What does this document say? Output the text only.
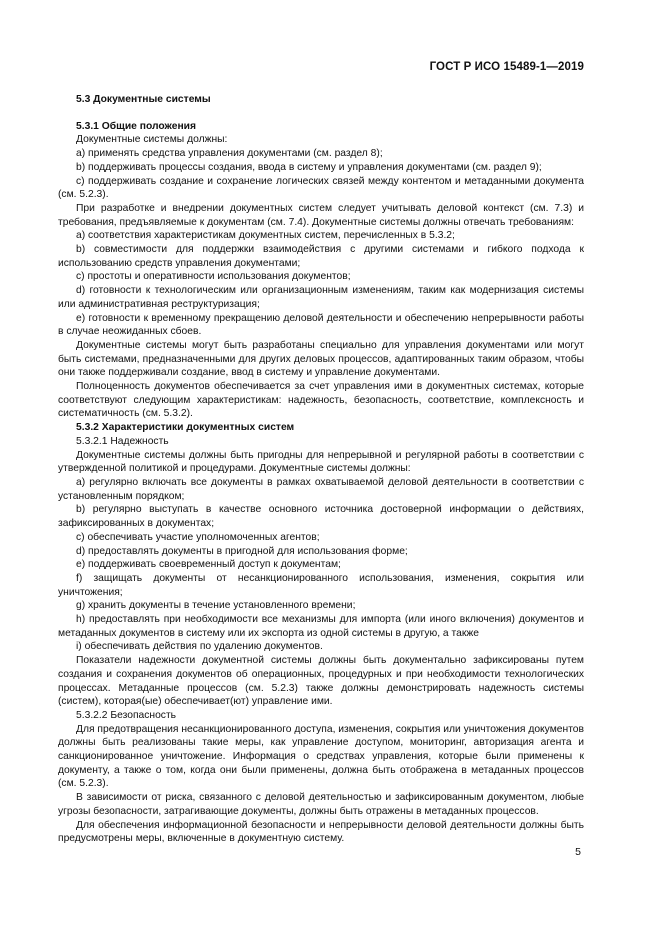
ГОСТ Р ИСО 15489-1—2019

5.3 Документные системы

5.3.1 Общие положения

Документные системы должны:

а) применять средства управления документами (см. раздел 8);

b) поддерживать процессы создания, ввода в систему и управления документами (см. раздел 9);

с) поддерживать создание и сохранение логических связей между контентом и метаданными документа (см. 5.2.3).

При разработке и внедрении документных систем следует учитывать деловой контекст (см. 7.3) и требования, предъявляемые к документам (см. 7.4). Документные системы должны отвечать требованиям:

а) соответствия характеристикам документных систем, перечисленных в 5.3.2;

b) совместимости для поддержки взаимодействия с другими системами и гибкого подхода к использованию средств управления документами;

с) простоты и оперативности использования документов;

d) готовности к технологическим или организационным изменениям, таким как модернизация системы или административная реструктуризация;

е) готовности к временному прекращению деловой деятельности и обеспечению непрерывности работы в случае неожиданных сбоев.

Документные системы могут быть разработаны специально для управления документами или могут быть системами, предназначенными для других деловых процессов, адаптированных таким образом, чтобы они также поддерживали создание, ввод в систему и управление документами.

Полноценность документов обеспечивается за счет управления ими в документных системах, которые соответствуют следующим характеристикам: надежность, безопасность, соответствие, комплексность и систематичность (см. 5.3.2).

5.3.2 Характеристики документных систем

5.3.2.1 Надежность

Документные системы должны быть пригодны для непрерывной и регулярной работы в соответствии с утвержденной политикой и процедурами. Документные системы должны:

а) регулярно включать все документы в рамках охватываемой деловой деятельности в соответствии с установленным порядком;

b) регулярно выступать в качестве основного источника достоверной информации о действиях, зафиксированных в документах;

с) обеспечивать участие уполномоченных агентов;

d) предоставлять документы в пригодной для использования форме;

е) поддерживать своевременный доступ к документам;

f) защищать документы от несанкционированного использования, изменения, сокрытия или уничтожения;

g) хранить документы в течение установленного времени;

h) предоставлять при необходимости все механизмы для импорта (или иного включения) документов и метаданных документов в систему или их экспорта из одной системы в другую, а также

i) обеспечивать действия по удалению документов.

Показатели надежности документной системы должны быть документально зафиксированы путем создания и сохранения документов об операционных, процедурных и при необходимости технологических процессах. Метаданные процессов (см. 5.2.3) также должны демонстрировать надежность системы (систем), которая(ые) обеспечивает(ют) управление ими.

5.3.2.2 Безопасность

Для предотвращения несанкционированного доступа, изменения, сокрытия или уничтожения документов должны быть реализованы такие меры, как управление доступом, мониторинг, авторизация агента и санкционированное уничтожение. Информация о средствах управления, которые были применены к документу, а также о том, когда они были применены, должна быть отображена в метаданных процессов (см. 5.2.3).

В зависимости от риска, связанного с деловой деятельностью и зафиксированным документом, любые угрозы безопасности, затрагивающие документы, должны быть отражены в метаданных процессов.

Для обеспечения информационной безопасности и непрерывности деловой деятельности должны быть предусмотрены меры, включенные в документную систему.

5
